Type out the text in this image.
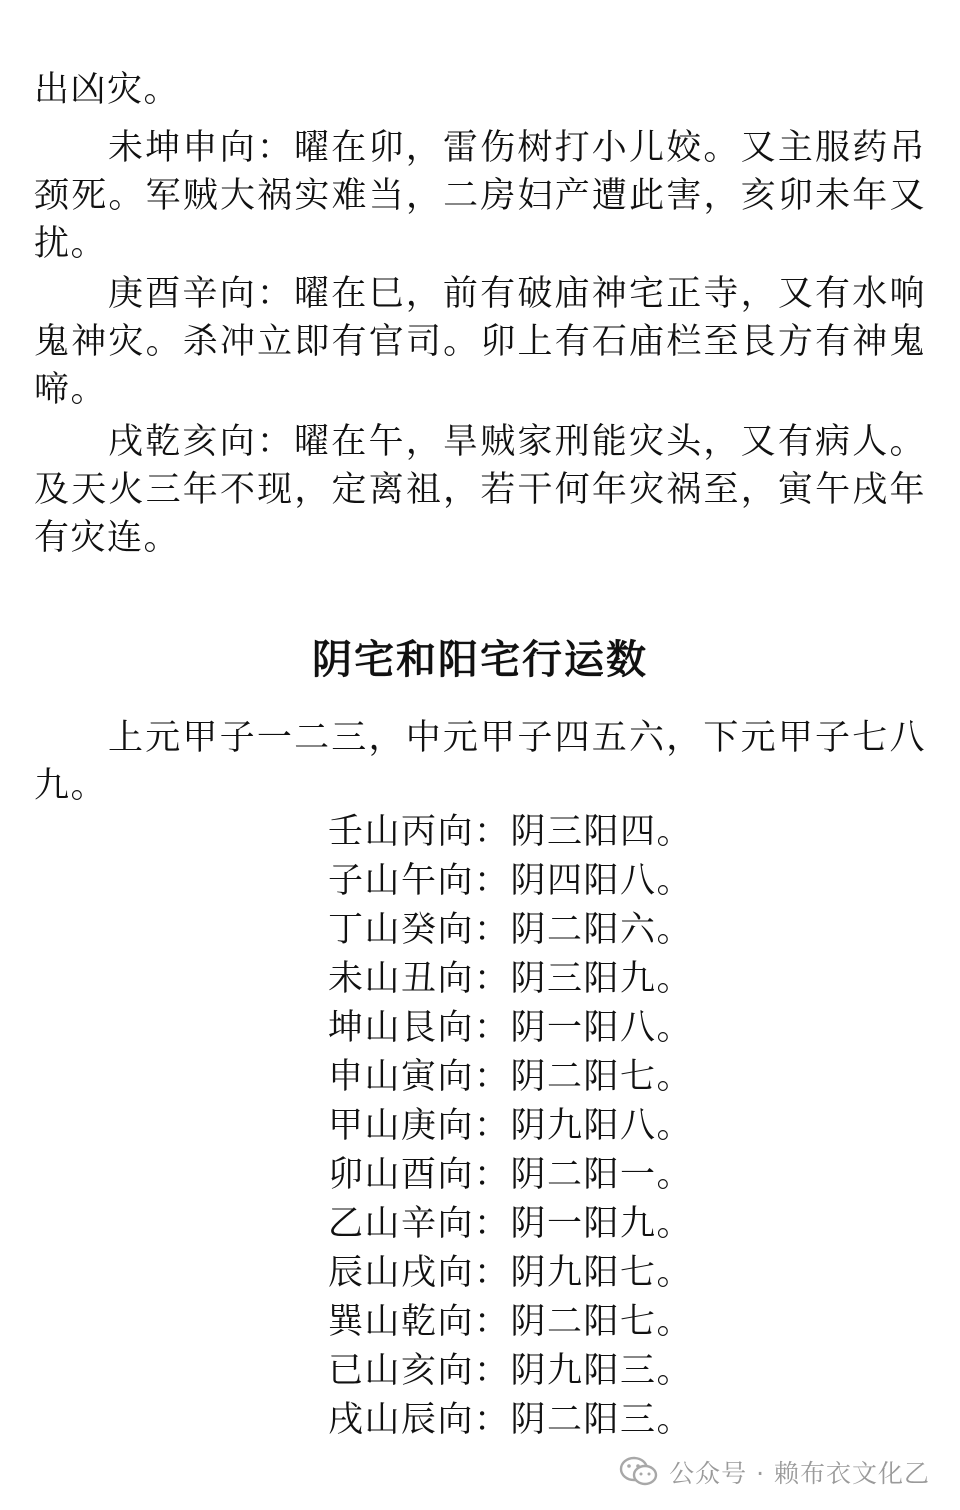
出凶灾。

未坤申向：曜在卯，雷伤树打小儿姣。又主服药吊颈死。军贼大祸实难当，二房妇产遭此害，亥卯未年又扰。

庚酉辛向：曜在巳，前有破庙神宅正寺，又有水响鬼神灾。杀冲立即有官司。卯上有石庙栏至艮方有神鬼啼。

戌乾亥向：曜在午，旱贼家刑能灾头，又有病人。及天火三年不现，定离祖，若干何年灾祸至，寅午戌年有灾连。

阴宅和阳宅行运数

上元甲子一二三，中元甲子四五六，下元甲子七八九。

壬山丙向：阴三阳四。
子山午向：阴四阳八。
丁山癸向：阴二阳六。
未山丑向：阴三阳九。
坤山艮向：阴一阳八。
申山寅向：阴二阳七。
甲山庚向：阴九阳八。
卯山酉向：阴二阳一。
乙山辛向：阴一阳九。
辰山戌向：阴九阳七。
巽山乾向：阴二阳七。
已山亥向：阴九阳三。
戌山辰向：阴二阳三。
公众号 · 赖布衣文化乙
